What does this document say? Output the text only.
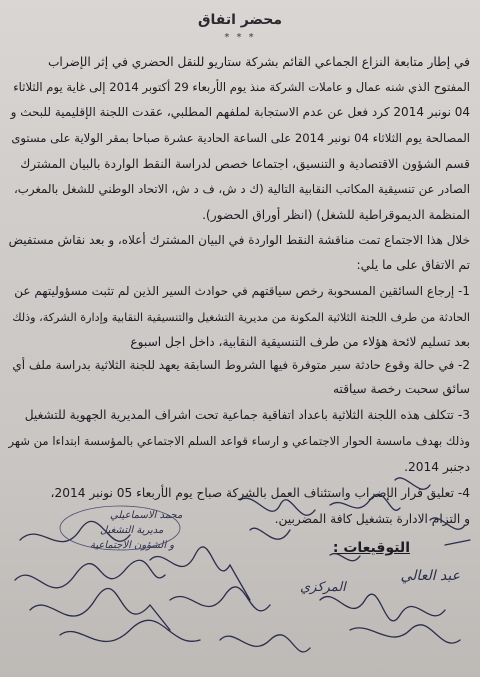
محضر اتفاق
* * *
في إطار متابعة النزاع الجماعي القائم بشركة ستاريو للنقل الحضري في إثر الإضراب
المفتوح الذي شنه عمال و عاملات الشركة منذ يوم الأربعاء 29 أكتوبر 2014 إلى غاية يوم الثلاثاء
04 نونبر 2014 كرد فعل عن عدم الاستجابة لملفهم المطلبي، عقدت اللجنة الإقليمية للبحث و
المصالحة يوم الثلاثاء 04 نونبر 2014 على الساعة الحادية عشرة صباحا بمقر الولاية على مستوى
قسم الشؤون الاقتصادية و التنسيق، اجتماعا خصص لدراسة النقط الواردة بالبيان المشترك
الصادر عن تنسيقية المكاتب النقابية التالية (ك د ش، ف د ش، الاتحاد الوطني للشغل بالمغرب،
المنظمة الديموقراطية للشغل) (انظر أوراق الحضور).
خلال هذا الاجتماع تمت مناقشة النقط الواردة في البيان المشترك أعلاه، و بعد نقاش مستفيض
تم الاتفاق على ما يلي:
1- إرجاع السائقين المسحوبة رخص سياقتهم في حوادث السير الذين لم تثبت مسؤوليتهم عن
الحادثة من طرف اللجنة الثلاثية المكونة من مديرية التشغيل والتنسيقية النقابية وإدارة الشركة، وذلك
بعد تسليم لائحة هؤلاء من طرف التنسيقية النقابية، داخل اجل اسبوع
2- في حالة وقوع حادثة سير متوفرة فيها الشروط السابقة يعهد للجنة الثلاثية بدراسة ملف أي
سائق سحبت رخصة سياقته
3- تتكلف هذه اللجنة الثلاثية باعداد اتفاقية جماعية تحت اشراف المديرية الجهوية للتشغيل
وذلك بهدف ماسسة الحوار الاجتماعي و ارساء قواعد السلم الاجتماعي بالمؤسسة ابتداءا من شهر
دجنبر 2014.
4- تعليق قرار الإضراب واستئناف العمل بالشركة صباح يوم الأربعاء 05 نونبر 2014،
و التزام الادارة بتشغيل كافة المضربين.
التوقيعات :
عبد العالي
محمد الاسماعيلي
مديرية التشغيل
و الشؤون الاجتماعية
المركزي
